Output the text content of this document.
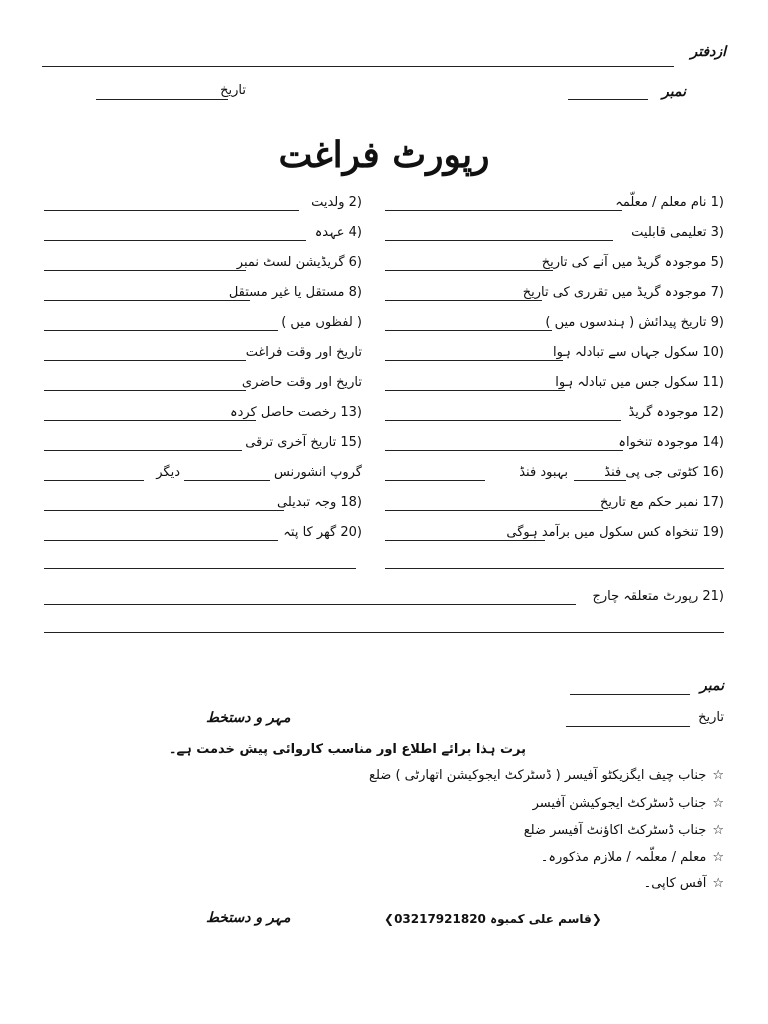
ازدفتر
نمبر
تاریخ
رپورٹ فراغت
1) نام معلم / معلّمہ
2) ولدیت
3) تعلیمی قابلیت
4) عہدہ
5) موجودہ گریڈ میں آنے کی تاریخ
6) گریڈیشن لسٹ نمبر
7) موجودہ گریڈ میں تقرری کی تاریخ
8) مستقل یا غیر مستقل
9) تاریخ پیدائش ( ہندسوں میں )
( لفظوں میں )
10) سکول جہاں سے تبادلہ ہوا
تاریخ اور وقت فراغت
11) سکول جس میں تبادلہ ہوا
تاریخ اور وقت حاضری
12) موجودہ گریڈ
13) رخصت حاصل کردہ
14) موجودہ تنخواہ
15) تاریخ آخری ترقی
16) کٹوتی جی پی فنڈ
بہبود فنڈ
گروپ انشورنس
دیگر
17) نمبر حکم مع تاریخ
18) وجہ تبدیلی
19) تنخواہ کس سکول میں برآمد ہوگی
20) گھر کا پتہ
21) رپورٹ متعلقہ چارج
نمبر
تاریخ
مہر و دستخط
پرت ہذا برائے اطلاع اور مناسب کاروائی پیش خدمت ہے۔
☆جناب چیف ایگزیکٹو آفیسر ( ڈسٹرکٹ ایجوکیشن اتھارٹی ) ضلع
☆جناب ڈسٹرکٹ ایجوکیشن آفیسر
☆جناب ڈسٹرکٹ اکاؤنٹ آفیسر ضلع
☆معلم / معلّمہ / ملازم مذکورہ۔
☆آفس کاپی۔
❮قاسم علی کمبوہ 03217921820❯
مہر و دستخط
